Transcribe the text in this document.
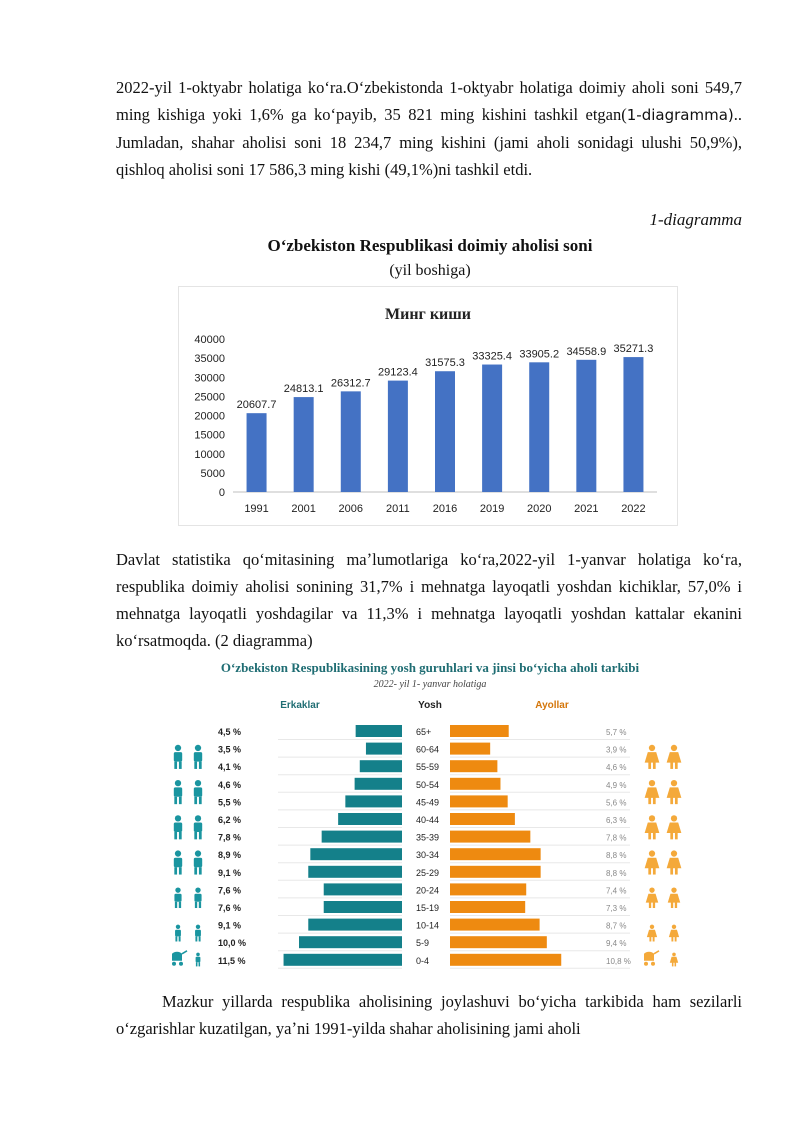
2022-yil 1-oktyabr holatiga koʻra.Oʻzbekistonda 1-oktyabr holatiga doimiy aholi soni 549,7 ming kishiga yoki 1,6% ga koʻpayib, 35 821 ming kishini tashkil etgan(1-diagramma).. Jumladan, shahar aholisi soni 18 234,7 ming kishini (jami aholi sonidagi ulushi 50,9%), qishloq aholisi soni 17 586,3 ming kishi (49,1%)ni tashkil etdi.

1-diagramma
Oʻzbekiston Respublikasi doimiy aholisi soni
(yil boshiga)
Минг киши
0
5000
10000
15000
20000
25000
30000
35000
40000
20607.7
1991
24813.1
2001
26312.7
2006
29123.4
2011
31575.3
2016
33325.4
2019
33905.2
2020
34558.9
2021
35271.3
2022

Davlat statistika qoʻmitasining maʼlumotlariga koʻra,2022-yil 1-yanvar holatiga koʻra, respublika doimiy aholisi sonining 31,7% i mehnatga layoqatli yoshdan kichiklar, 57,0% i mehnatga layoqatli yoshdagilar va 11,3% i mehnatga layoqatli yoshdan kattalar ekanini koʻrsatmoqda. (2 diagramma)

Oʻzbekiston Respublikasining yosh guruhlari va jinsi boʻyicha aholi tarkibi
2022- yil 1- yanvar holatiga
Erkaklar	Yosh	Ayollar
65+
4,5 %	5,7 %
60-64
3,5 %	3,9 %
55-59
4,1 %	4,6 %
50-54
4,6 %	4,9 %
45-49
5,5 %	5,6 %
40-44
6,2 %	6,3 %
35-39
7,8 %	7,8 %
30-34
8,9 %	8,8 %
25-29
9,1 %	8,8 %
20-24
7,6 %	7,4 %
15-19
7,6 %	7,3 %
10-14
9,1 %	8,7 %
5-9
10,0 %	9,4 %
0-4
11,5 %	10,8 %

Mazkur yillarda respublika aholisining joylashuvi boʻyicha tarkibida ham sezilarli oʻzgarishlar kuzatilgan, yaʼni 1991-yilda shahar aholisining jami aholi
